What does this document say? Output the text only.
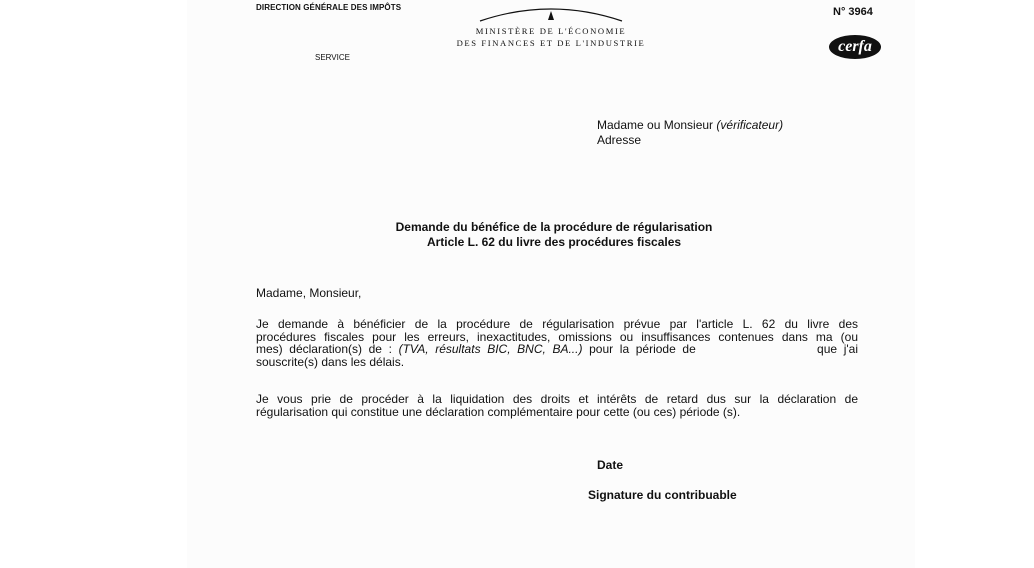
DIRECTION GÉNÉRALE DES IMPÔTS
SERVICE
MINISTÈRE DE L'ÉCONOMIE
DES FINANCES ET DE L'INDUSTRIE
N° 3964
cerfa
Madame ou Monsieur (vérificateur)
Adresse
Demande du bénéfice de la procédure de régularisation
Article L. 62 du livre des procédures fiscales
Madame, Monsieur,
Je demande à bénéficier de la procédure de régularisation prévue par l'article L. 62 du livre des
procédures fiscales pour les erreurs, inexactitudes, omissions ou insuffisances contenues dans ma (ou
mes) déclaration(s) de : (TVA, résultats BIC, BNC, BA...) pour la période de	que j'ai
souscrite(s) dans les délais.
Je vous prie de procéder à la liquidation des droits et intérêts de retard dus sur la déclaration de
régularisation qui constitue une déclaration complémentaire pour cette (ou ces) période (s).
Date
Signature du contribuable
